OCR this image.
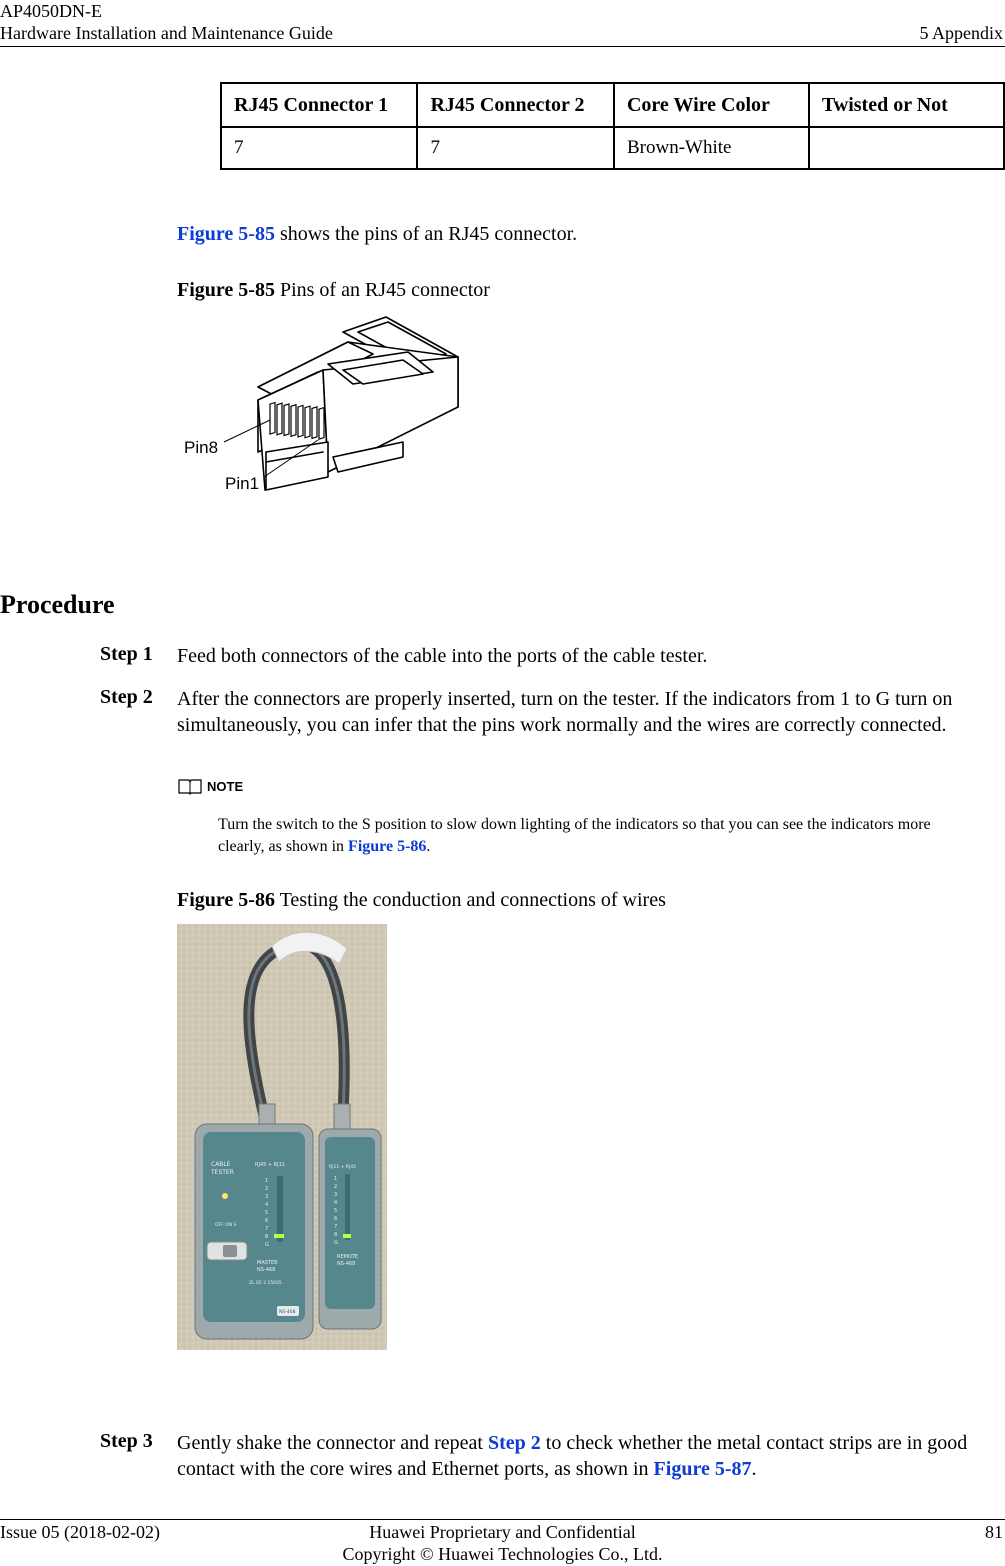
AP4050DN-E
Hardware Installation and Maintenance Guide	5 Appendix
RJ45 Connector 1	RJ45 Connector 2	Core Wire Color	Twisted or Not
7	7	Brown-White	
Figure 5-85 shows the pins of an RJ45 connector.
Figure 5-85 Pins of an RJ45 connector
Pin8
Pin1
Procedure
Step 1 Feed both connectors of the cable into the ports of the cable tester.
Step 2 After the connectors are properly inserted, turn on the tester. If the indicators from 1 to G turn on simultaneously, you can infer that the pins work normally and the wires are correctly connected.
NOTE
Turn the switch to the S position to slow down lighting of the indicators so that you can see the indicators more clearly, as shown in Figure 5-86.
Figure 5-86 Testing the conduction and connections of wires
CABLE
TESTER
RJ45 + RJ11
OFF ON S
1
2
3
4
5
6
7
8
G
MASTER
NS-468
ZL 02 3 15035
NS-468
RJ11 + RJ45
1
2
3
4
5
6
7
8
G
REMOTE
NS-468
Step 3 Gently shake the connector and repeat Step 2 to check whether the metal contact strips are in good contact with the core wires and Ethernet ports, as shown in Figure 5-87.
Issue 05 (2018-02-02)	Huawei Proprietary and Confidential
Copyright © Huawei Technologies Co., Ltd.
81
